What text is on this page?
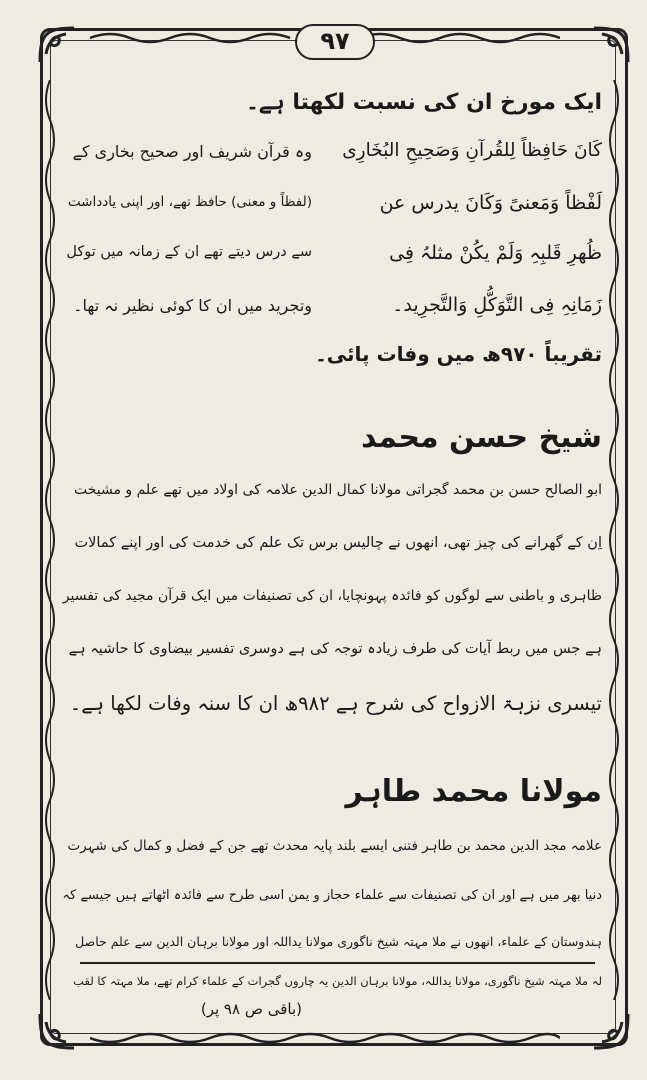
۹۷
ایک مورخ ان کی نسبت لکھتا ہے۔
کَانَ حَافِظاً لِلقُرآنِ وَصَحِیحِ البُخَارِی
وہ قرآن شریف اور صحیح بخاری کے
لَفْظاً وَمَعنیً وَکَانَ یدرس عن
(لفظاً و معنی) حافظ تھے، اور اپنی یادداشت
ظُھرِ قَلبِہِ وَلَمْ یکُنْ مثلہُ فِی
سے درس دیتے تھے ان کے زمانہ میں توکل
زَمَانِہِ فِی التَّوَکُّلِ وَالتَّجرِید۔
وتجرید میں ان کا کوئی نظیر نہ تھا۔
تقریباً ۹۷۰ھ میں وفات پائی۔
شیخ حسن محمد
ابو الصالح حسن بن محمد گجراتی مولانا کمال الدین علامہ کی اولاد میں تھے علم و مشیخت
اِن کے گھرانے کی چیز تھی، انھوں نے چالیس برس تک علم کی خدمت کی اور اپنے کمالات
ظاہری و باطنی سے لوگوں کو فائدہ پہونچایا، ان کی تصنیفات میں ایک قرآن مجید کی تفسیر
ہے جس میں ربط آیات کی طرف زیادہ توجہ کی ہے دوسری تفسیر بیضاوی کا حاشیہ ہے
تیسری نزہۃ الازواح کی شرح ہے ۹۸۲ھ ان کا سنہ وفات لکھا ہے۔
مولانا محمد طاہر
علامہ مجد الدین محمد بن طاہر فتنی ایسے بلند پایہ محدث تھے جن کے فضل و کمال کی شہرت
دنیا بھر میں ہے اور ان کی تصنیفات سے علماء حجاز و یمن اسی طرح سے فائدہ اٹھاتے ہیں جیسے کہ
ہندوستان کے علماء، انھوں نے ملا مہتہ شیخ ناگوری مولانا یداللہ اور مولانا برہان الدین سے علم حاصل
لہ ملا مہتہ شیخ ناگوری، مولانا یداللہ، مولانا برہان الدین یہ چاروں گجرات کے علماء کرام تھے، ملا مہتہ کا لقب
(باقی ص ۹۸ پر)
